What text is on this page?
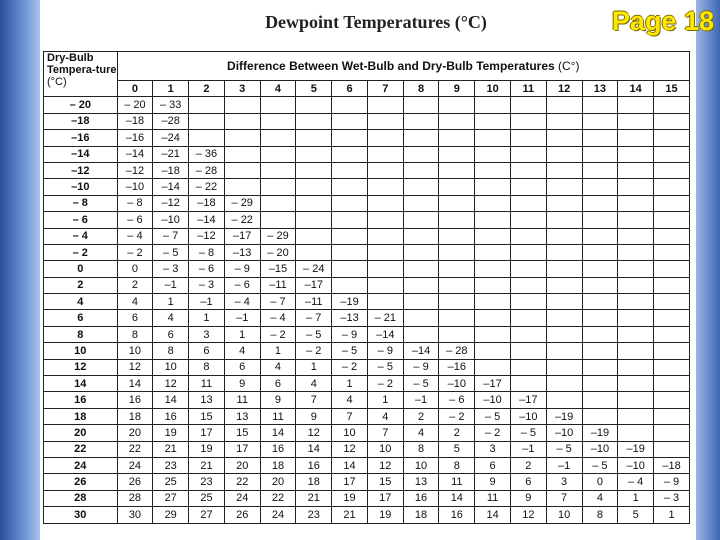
Dewpoint Temperatures (°C)	Page 18
Dry-Bulb Tempera-ture (°C)	Difference Between Wet-Bulb and Dry-Bulb Temperatures (C°)															
	0	1	2	3	4	5	6	7	8	9	10	11	12	13	14	15
– 20	– 20	– 33														
–18	–18	–28														
–16	–16	–24														
–14	–14	–21	– 36													
–12	–12	–18	– 28													
–10	–10	–14	– 22													
– 8	– 8	–12	–18	– 29												
– 6	– 6	–10	–14	– 22												
– 4	– 4	– 7	–12	–17	– 29											
– 2	– 2	– 5	– 8	–13	– 20											
0	0	– 3	– 6	– 9	–15	– 24										
2	2	–1	– 3	– 6	–11	–17										
4	4	1	–1	– 4	– 7	–11	–19									
6	6	4	1	–1	– 4	– 7	–13	– 21								
8	8	6	3	1	– 2	– 5	– 9	–14								
10	10	8	6	4	1	– 2	– 5	– 9	–14	– 28						
12	12	10	8	6	4	1	– 2	– 5	– 9	–16						
14	14	12	11	9	6	4	1	– 2	– 5	–10	–17					
16	16	14	13	11	9	7	4	1	–1	– 6	–10	–17				
18	18	16	15	13	11	9	7	4	2	– 2	– 5	–10	–19			
20	20	19	17	15	14	12	10	7	4	2	– 2	– 5	–10	–19		
22	22	21	19	17	16	14	12	10	8	5	3	–1	– 5	–10	–19	
24	24	23	21	20	18	16	14	12	10	8	6	2	–1	– 5	–10	–18
26	26	25	23	22	20	18	17	15	13	11	9	6	3	0	– 4	– 9
28	28	27	25	24	22	21	19	17	16	14	11	9	7	4	1	– 3
30	30	29	27	26	24	23	21	19	18	16	14	12	10	8	5	1
